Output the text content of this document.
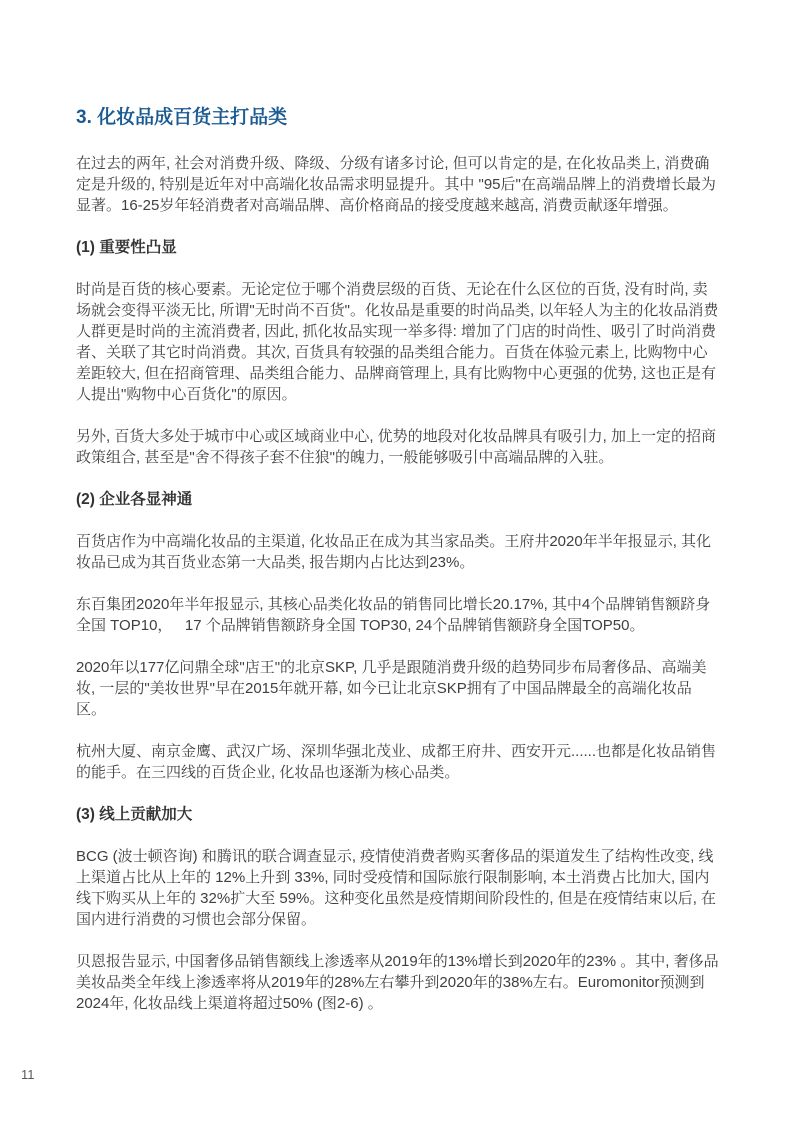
3. 化妆品成百货主打品类

在过去的两年, 社会对消费升级、降级、分级有诸多讨论, 但可以肯定的是, 在化妆品类上, 消费确定是升级的, 特别是近年对中高端化妆品需求明显提升。其中 "95后"在高端品牌上的消费增长最为显著。16-25岁年轻消费者对高端品牌、高价格商品的接受度越来越高, 消费贡献逐年增强。

(1) 重要性凸显

时尚是百货的核心要素。无论定位于哪个消费层级的百货、无论在什么区位的百货, 没有时尚, 卖场就会变得平淡无比, 所谓"无时尚不百货"。化妆品是重要的时尚品类, 以年轻人为主的化妆品消费人群更是时尚的主流消费者, 因此, 抓化妆品实现一举多得: 增加了门店的时尚性、吸引了时尚消费者、关联了其它时尚消费。其次, 百货具有较强的品类组合能力。百货在体验元素上, 比购物中心差距较大, 但在招商管理、品类组合能力、品牌商管理上, 具有比购物中心更强的优势, 这也正是有人提出"购物中心百货化"的原因。

另外, 百货大多处于城市中心或区域商业中心, 优势的地段对化妆品牌具有吸引力, 加上一定的招商政策组合, 甚至是"舍不得孩子套不住狼"的魄力, 一般能够吸引中高端品牌的入驻。

(2) 企业各显神通

百货店作为中高端化妆品的主渠道, 化妆品正在成为其当家品类。王府井2020年半年报显示, 其化妆品已成为其百货业态第一大品类, 报告期内占比达到23%。

东百集团2020年半年报显示, 其核心品类化妆品的销售同比增长20.17%, 其中4个品牌销售额跻身全国 TOP10，   17 个品牌销售额跻身全国 TOP30, 24个品牌销售额跻身全国TOP50。

2020年以177亿问鼎全球"店王"的北京SKP, 几乎是跟随消费升级的趋势同步布局奢侈品、高端美妆, 一层的"美妆世界"早在2015年就开幕, 如今已让北京SKP拥有了中国品牌最全的高端化妆品区。

杭州大厦、南京金鹰、武汉广场、深圳华强北茂业、成都王府井、西安开元......也都是化妆品销售的能手。在三四线的百货企业, 化妆品也逐渐为核心品类。

(3) 线上贡献加大

BCG (波士顿咨询) 和腾讯的联合调查显示, 疫情使消费者购买奢侈品的渠道发生了结构性改变, 线上渠道占比从上年的 12%上升到 33%, 同时受疫情和国际旅行限制影响, 本土消费占比加大, 国内线下购买从上年的 32%扩大至 59%。这种变化虽然是疫情期间阶段性的, 但是在疫情结束以后, 在国内进行消费的习惯也会部分保留。

贝恩报告显示, 中国奢侈品销售额线上渗透率从2019年的13%增长到2020年的23% 。其中, 奢侈品美妆品类全年线上渗透率将从2019年的28%左右攀升到2020年的38%左右。Euromonitor预测到2024年, 化妆品线上渠道将超过50% (图2-6) 。

11
